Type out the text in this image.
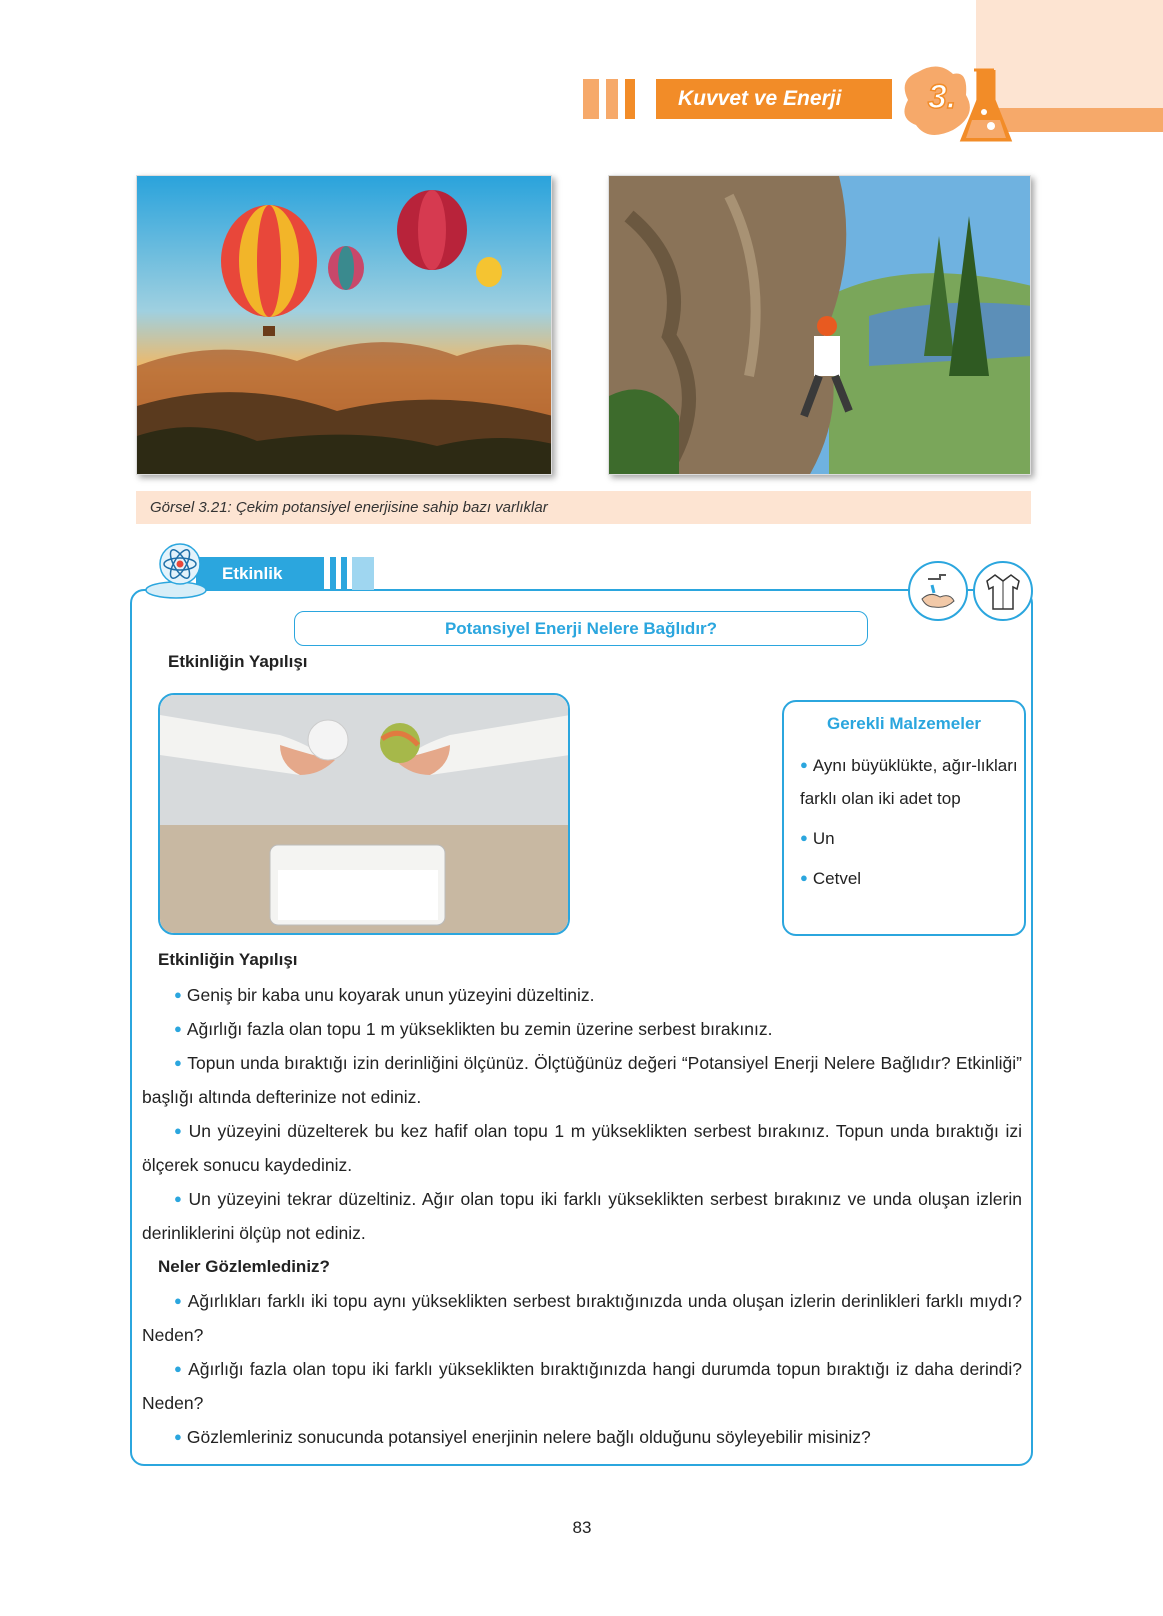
Kuvvet ve Enerji	3.
Görsel 3.21: Çekim potansiyel enerjisine sahip bazı varlıklar
Etkinlik
Potansiyel Enerji Nelere Bağlıdır?
Etkinliğin Yapılışı
Gerekli Malzemeler
● Aynı büyüklükte, ağır-lıkları farklı olan iki adet top
● Un
● Cetvel
Etkinliğin Yapılışı
● Geniş bir kaba unu koyarak unun yüzeyini düzeltiniz.
● Ağırlığı fazla olan topu 1 m yükseklikten bu zemin üzerine serbest bırakınız.
● Topun unda bıraktığı izin derinliğini ölçünüz. Ölçtüğünüz değeri “Potansiyel Enerji Nelere Bağlıdır? Etkinliği” başlığı altında defterinize not ediniz.
● Un yüzeyini düzelterek bu kez hafif olan topu 1 m yükseklikten serbest bırakınız. Topun unda bıraktığı izi ölçerek sonucu kaydediniz.
● Un yüzeyini tekrar düzeltiniz. Ağır olan topu iki farklı yükseklikten serbest bırakınız ve unda oluşan izlerin derinliklerini ölçüp not ediniz.
Neler Gözlemlediniz?
● Ağırlıkları farklı iki topu aynı yükseklikten serbest bıraktığınızda unda oluşan izlerin derinlikleri farklı mıydı? Neden?
● Ağırlığı fazla olan topu iki farklı yükseklikten bıraktığınızda hangi durumda topun bıraktığı iz daha derindi? Neden?
● Gözlemleriniz sonucunda potansiyel enerjinin nelere bağlı olduğunu söyleyebilir misiniz?
83
